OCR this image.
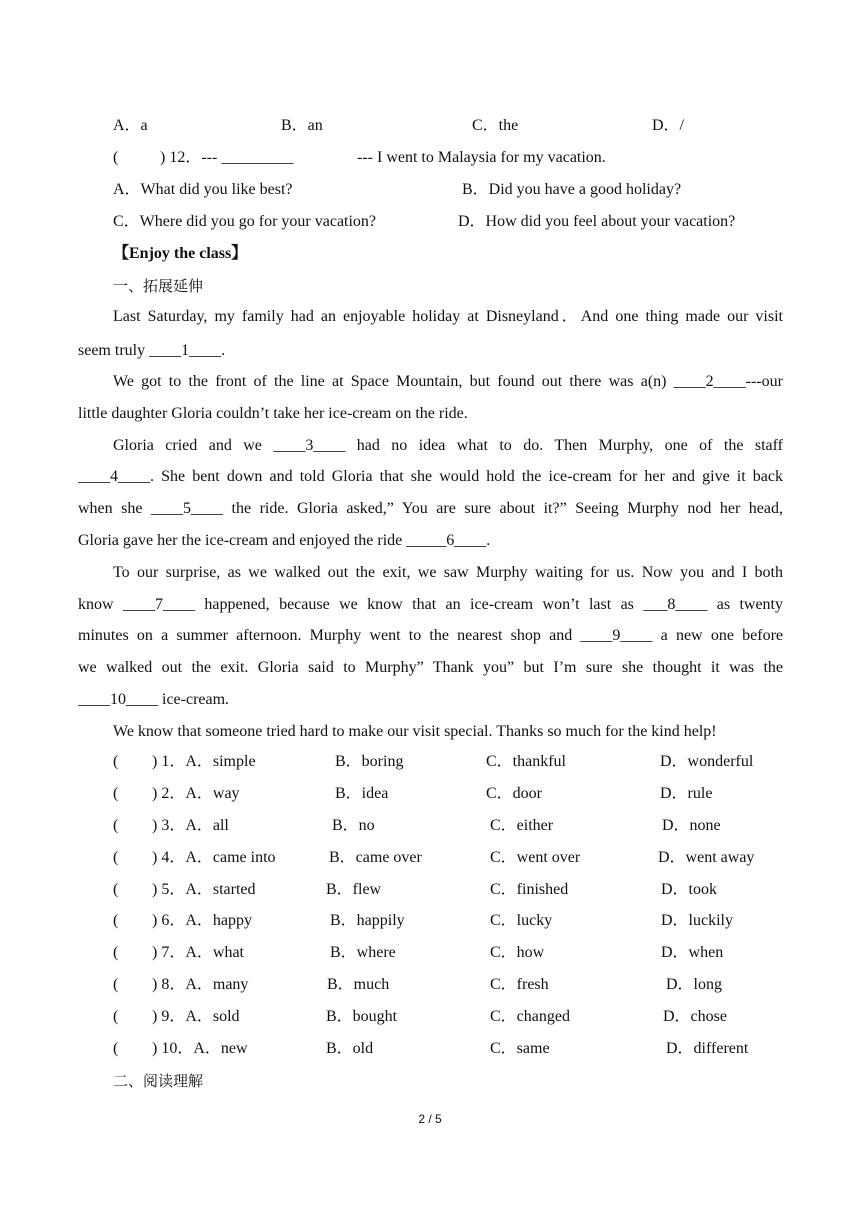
A．a	B．an	C．the	D．/
(	) 12．--- _________	--- I went to Malaysia for my vacation.
A．What did you like best?	B．Did you have a good holiday?
C．Where did you go for your vacation?	D．How did you feel about your vacation?
【Enjoy the class】
一、拓展延伸
Last Saturday, my family had an enjoyable holiday at Disneyland．And one thing made our visit
seem truly ____1____.
We got to the front of the line at Space Mountain, but found out there was a(n) ____2____---our
little daughter Gloria couldn’t take her ice-cream on the ride.
Gloria cried and we ____3____ had no idea what to do. Then Murphy, one of the staff
____4____. She bent down and told Gloria that she would hold the ice-cream for her and give it back
when she ____5____ the ride. Gloria asked,” You are sure about it?” Seeing Murphy nod her head,
Gloria gave her the ice-cream and enjoyed the ride _____6____.
To our surprise, as we walked out the exit, we saw Murphy waiting for us. Now you and I both
know ____7____ happened, because we know that an ice-cream won’t last as ___8____ as twenty
minutes on a summer afternoon. Murphy went to the nearest shop and ____9____ a new one before
we walked out the exit. Gloria said to Murphy” Thank you” but I’m sure she thought it was the
____10____ ice-cream.
We know that someone tried hard to make our visit special. Thanks so much for the kind help!
( ) 1．A．simple	B．boring	C．thankful	D．wonderful
( ) 2．A．way	B．idea	C．door	D．rule
( ) 3．A．all	B．no	C．either	D．none
( ) 4．A．came into	B．came over	C．went over	D．went away
( ) 5．A．started	B．flew	C．finished	D．took
( ) 6．A．happy	B．happily	C．lucky	D．luckily
( ) 7．A．what	B．where	C．how	D．when
( ) 8．A．many	B．much	C．fresh	D．long
( ) 9．A．sold	B．bought	C．changed	D．chose
( ) 10．A．new	B．old	C．same	D．different
二、阅读理解
2 / 5
